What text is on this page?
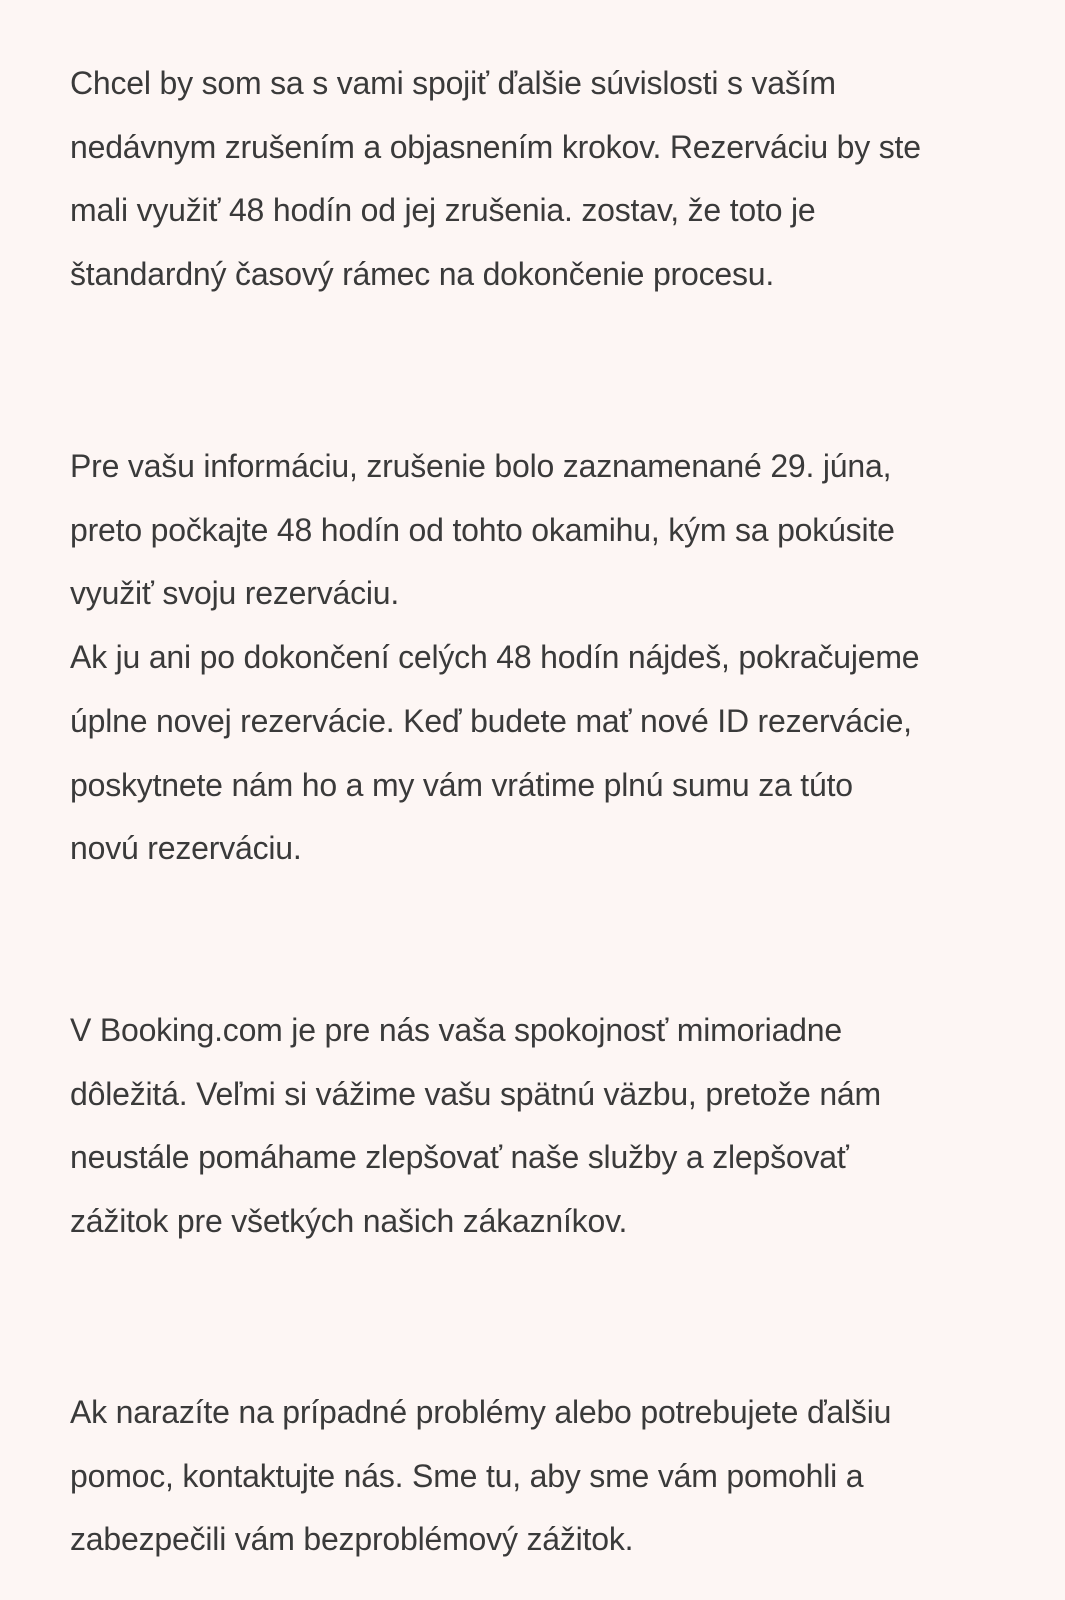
Chcel by som sa s vami spojiť ďalšie súvislosti s vaším
nedávnym zrušením a objasnením krokov. Rezerváciu by ste
mali využiť 48 hodín od jej zrušenia. zostav, že toto je
štandardný časový rámec na dokončenie procesu.

Pre vašu informáciu, zrušenie bolo zaznamenané 29. júna,
preto počkajte 48 hodín od tohto okamihu, kým sa pokúsite
využiť svoju rezerváciu.
Ak ju ani po dokončení celých 48 hodín nájdeš, pokračujeme
úplne novej rezervácie. Keď budete mať nové ID rezervácie,
poskytnete nám ho a my vám vrátime plnú sumu za túto
novú rezerváciu.

V Booking.com je pre nás vaša spokojnosť mimoriadne
dôležitá. Veľmi si vážime vašu spätnú väzbu, pretože nám
neustále pomáhame zlepšovať naše služby a zlepšovať
zážitok pre všetkých našich zákazníkov.

Ak narazíte na prípadné problémy alebo potrebujete ďalšiu
pomoc, kontaktujte nás. Sme tu, aby sme vám pomohli a
zabezpečili vám bezproblémový zážitok.
